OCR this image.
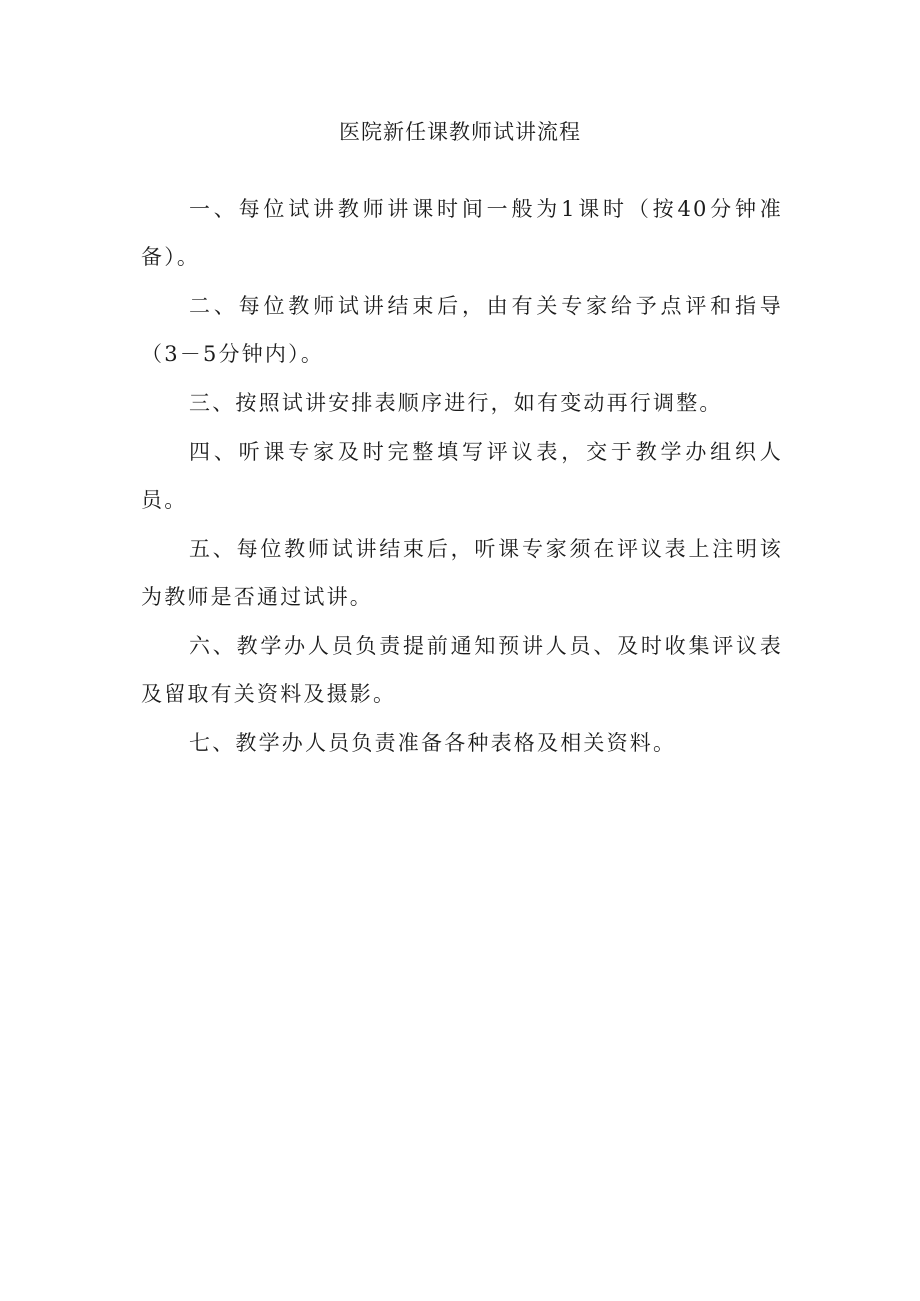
医院新任课教师试讲流程

一、每位试讲教师讲课时间一般为1课时（按40分钟准备）。

二、每位教师试讲结束后，由有关专家给予点评和指导（3－5分钟内）。

三、按照试讲安排表顺序进行，如有变动再行调整。

四、听课专家及时完整填写评议表，交于教学办组织人员。

五、每位教师试讲结束后，听课专家须在评议表上注明该为教师是否通过试讲。

六、教学办人员负责提前通知预讲人员、及时收集评议表及留取有关资料及摄影。

七、教学办人员负责准备各种表格及相关资料。
